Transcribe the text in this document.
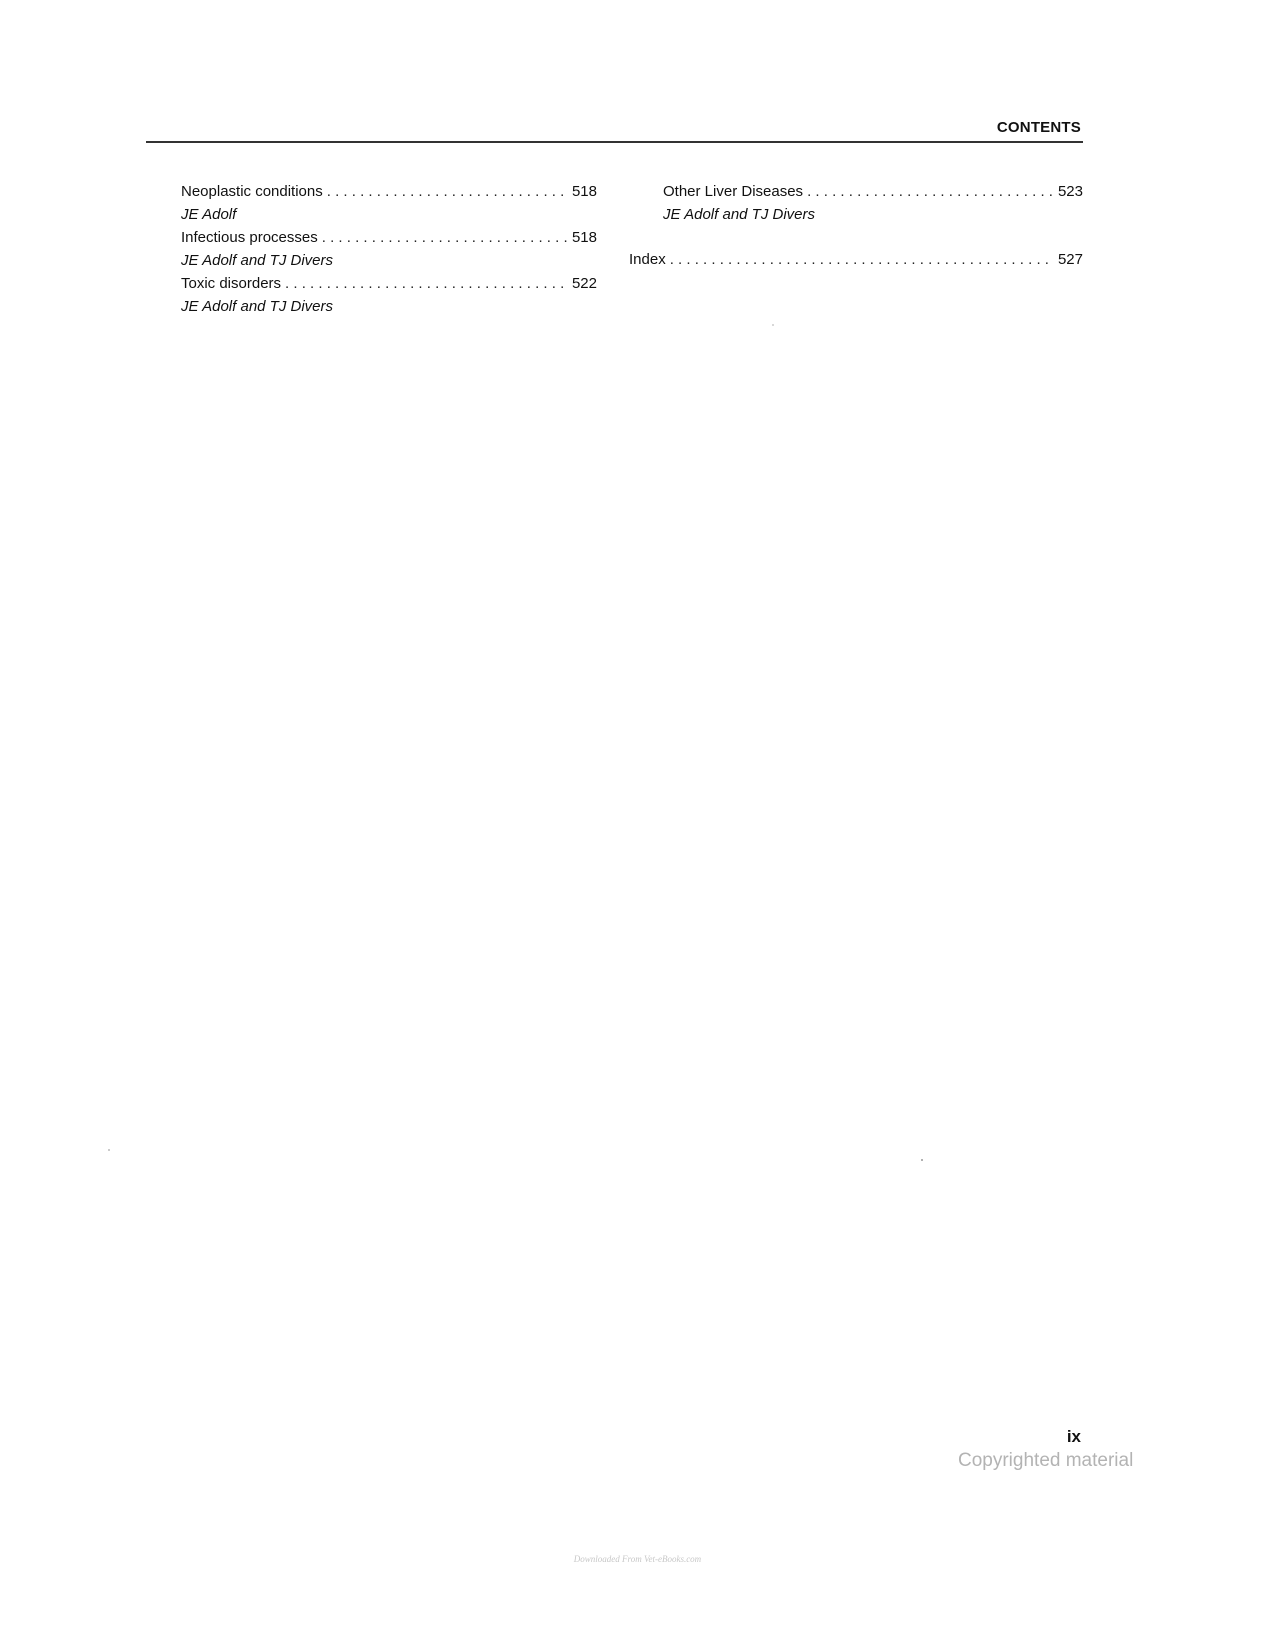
CONTENTS
Neoplastic conditions . . .	518
JE Adolf
Infectious processes . . .	518
JE Adolf and TJ Divers
Toxic disorders . . .	522
JE Adolf and TJ Divers
Other Liver Diseases . . .	523
JE Adolf and TJ Divers
Index . . .	527
ix
Copyrighted material
Downloaded From Vet-eBooks.com
